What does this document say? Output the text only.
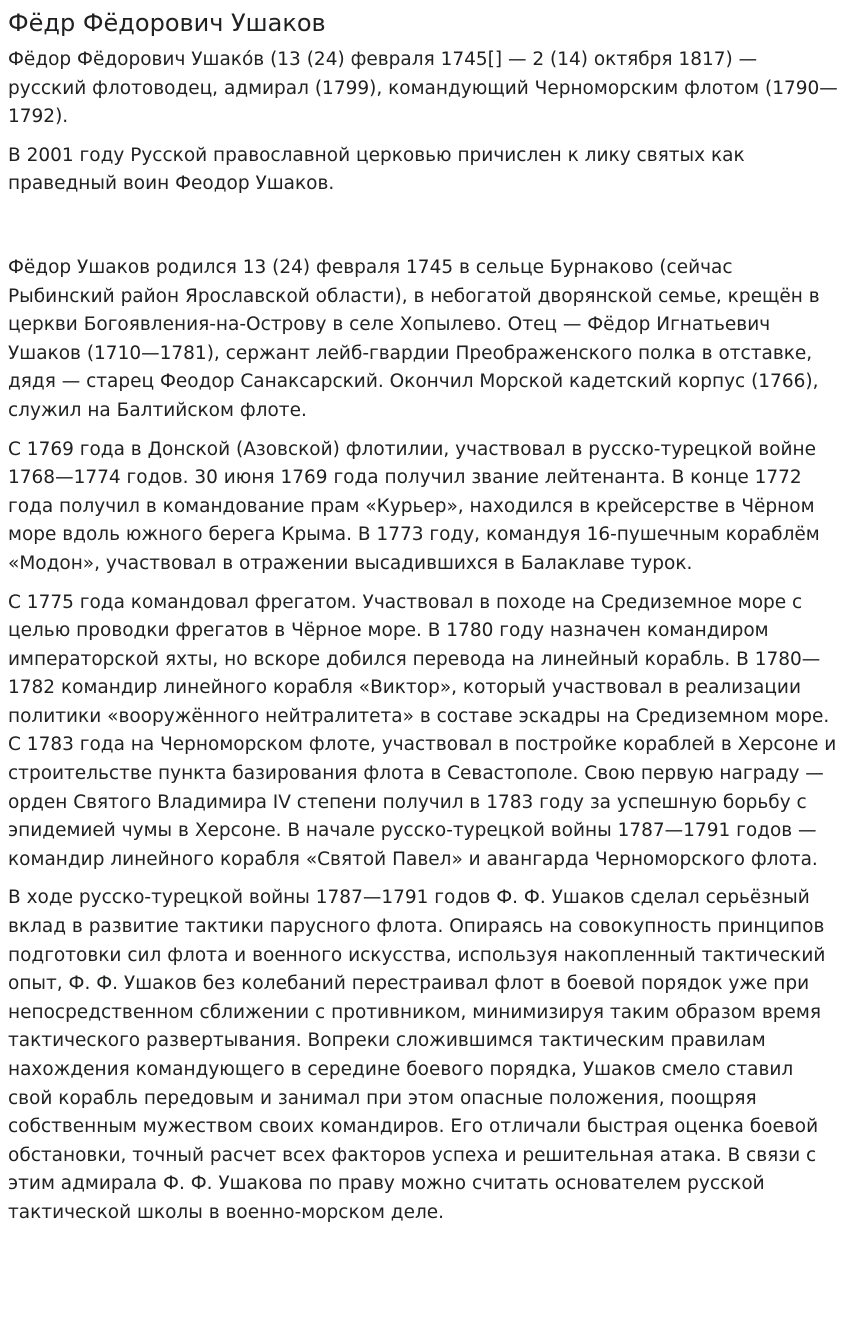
Фёдр Фёдорович Ушаков

Фёдор Фёдорович Ушако́в (13 (24) февраля 1745[] — 2 (14) октября 1817) — русский флотоводец, адмирал (1799), командующий Черноморским флотом (1790—1792).

В 2001 году Русской православной церковью причислен к лику святых как праведный воин Феодор Ушаков.

Фёдор Ушаков родился 13 (24) февраля 1745 в сельце Бурнаково (сейчас Рыбинский район Ярославской области), в небогатой дворянской семье, крещён в церкви Богоявления-на-Острову в селе Хопылево. Отец — Фёдор Игнатьевич Ушаков (1710—1781), сержант лейб-гвардии Преображенского полка в отставке, дядя — старец Феодор Санаксарский. Окончил Морской кадетский корпус (1766), служил на Балтийском флоте.

С 1769 года в Донской (Азовской) флотилии, участвовал в русско-турецкой войне 1768—1774 годов. 30 июня 1769 года получил звание лейтенанта. В конце 1772 года получил в командование прам «Курьер», находился в крейсерстве в Чёрном море вдоль южного берега Крыма. В 1773 году, командуя 16-пушечным кораблём «Модон», участвовал в отражении высадившихся в Балаклаве турок.

С 1775 года командовал фрегатом. Участвовал в походе на Средиземное море с целью проводки фрегатов в Чёрное море. В 1780 году назначен командиром императорской яхты, но вскоре добился перевода на линейный корабль. В 1780—1782 командир линейного корабля «Виктор», который участвовал в реализации политики «вооружённого нейтралитета» в составе эскадры на Средиземном море. С 1783 года на Черноморском флоте, участвовал в постройке кораблей в Херсоне и строительстве пункта базирования флота в Севастополе. Свою первую награду — орден Святого Владимира IV степени получил в 1783 году за успешную борьбу с эпидемией чумы в Херсоне. В начале русско-турецкой войны 1787—1791 годов — командир линейного корабля «Святой Павел» и авангарда Черноморского флота.

В ходе русско-турецкой войны 1787—1791 годов Ф. Ф. Ушаков сделал серьёзный вклад в развитие тактики парусного флота. Опираясь на совокупность принципов подготовки сил флота и военного искусства, используя накопленный тактический опыт, Ф. Ф. Ушаков без колебаний перестраивал флот в боевой порядок уже при непосредственном сближении с противником, минимизируя таким образом время тактического развертывания. Вопреки сложившимся тактическим правилам нахождения командующего в середине боевого порядка, Ушаков смело ставил свой корабль передовым и занимал при этом опасные положения, поощряя собственным мужеством своих командиров. Его отличали быстрая оценка боевой обстановки, точный расчет всех факторов успеха и решительная атака. В связи с этим адмирала Ф. Ф. Ушакова по праву можно считать основателем русской тактической школы в военно-морском деле.
